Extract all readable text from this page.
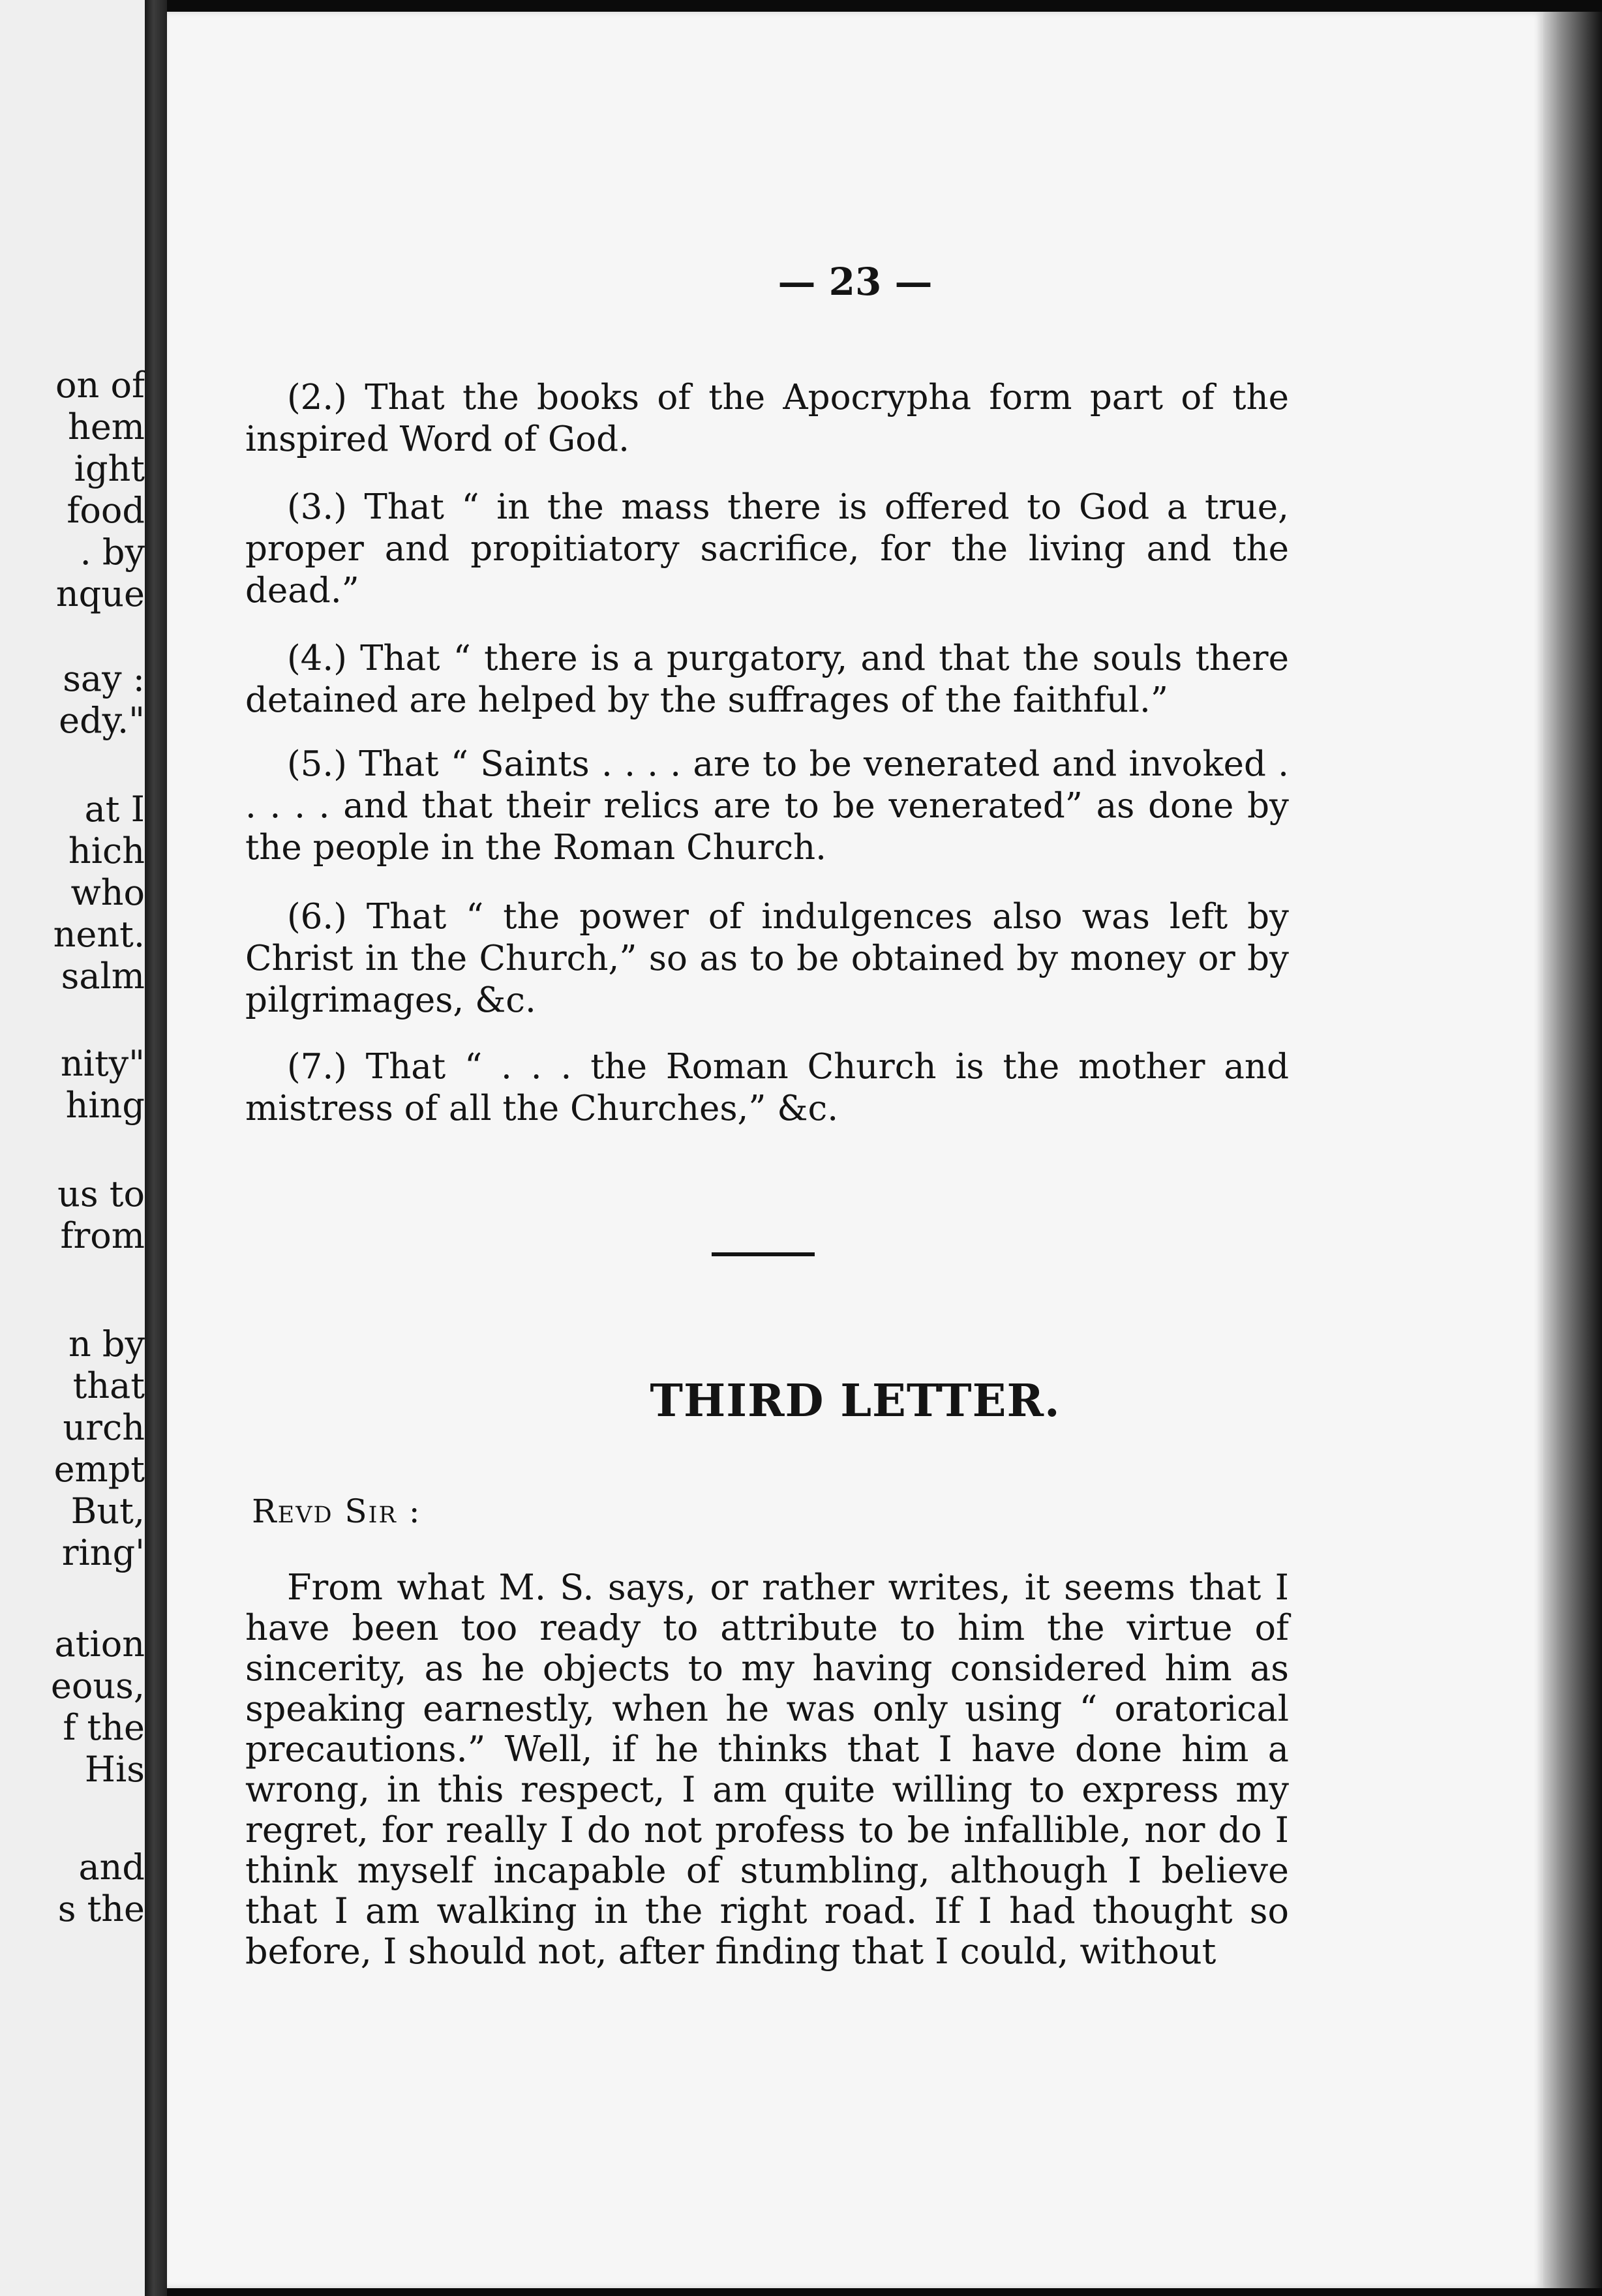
on of
hem
ight
food
. by
nque
say :
edy."
at I
hich
who
nent.
salm
nity"
hing
us to
from
n by
that
urch
empt
But,
ring'
ation
eous,
f the
His
and
s the
— 23 —

(2.) That the books of the Apocrypha form part of the inspired Word of God.

(3.) That “ in the mass there is offered to God a true, proper and propitiatory sacrifice, for the living and the dead.”

(4.) That “ there is a purgatory, and that the souls there detained are helped by the suffrages of the faithful.”

(5.) That “ Saints . . . . are to be venerated and invoked . . . . . and that their relics are to be venerated” as done by the people in the Roman Church.

(6.) That “ the power of indulgences also was left by Christ in the Church,” so as to be obtained by money or by pilgrimages, &c.

(7.) That “ . . . the Roman Church is the mother and mistress of all the Churches,” &c.

THIRD LETTER.
Revd Sir :

From what M. S. says, or rather writes, it seems that I have been too ready to attribute to him the virtue of sincerity, as he objects to my having considered him as speaking earnestly, when he was only using “ oratorical precautions.” Well, if he thinks that I have done him a wrong, in this respect, I am quite willing to express my regret, for really I do not profess to be infallible, nor do I think myself incapable of stumbling, although I believe that I am walking in the right road. If I had thought so before, I should not, after finding that I could, without
